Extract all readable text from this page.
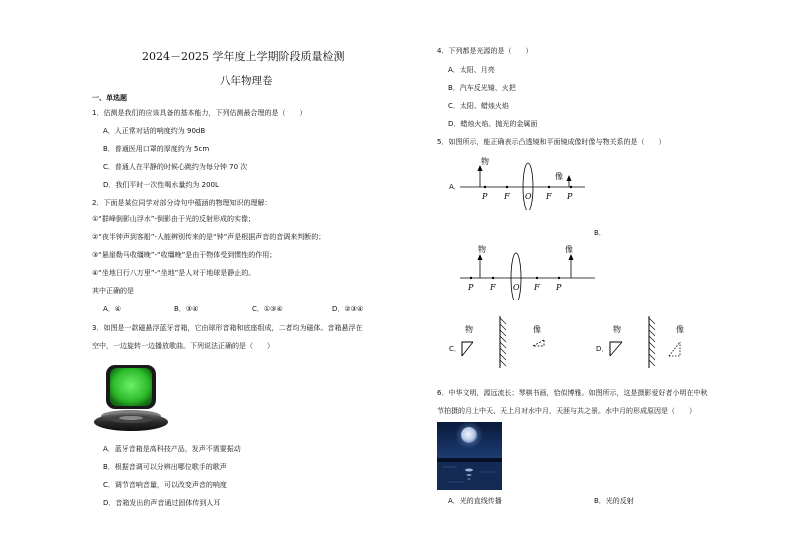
2024－2025 学年度上学期阶段质量检测
八年物理卷
一、单选题
1．估测是我们的应该具备的基本能力，下列估测最合理的是（　　）
A．人正常对话的响度约为 90dB
B．普通医用口罩的厚度约为 5cm
C．普通人在平静的时候心跳约为每分钟 70 次
D．我们平时一次性喝水量约为 200L
2．下面是某位同学对部分诗句中蕴涵的物理知识的理解：
①“群峰倒影山浮水”-倒影由于光的反射形成的实像；
②“夜半钟声到客船”-人能辨别传来的是“钟”声是根据声音的音调来判断的；
③“悬崖勒马收缰晚”-“收缰晚”是由于物体受到惯性的作用；
④“坐地日行八万里”-“坐地”是人对于地球是静止的。
其中正确的是
A．④	B．③④	C．①③④	D．②③④
3．如图是一款磁悬浮蓝牙音箱，它由球形音箱和底座组成，二者均为磁体。音箱悬浮在
空中，一边旋转一边播放歌曲。下列说法正确的是（　　）
A．蓝牙音箱是高科技产品，发声不需要振动
B．根据音调可以分辨出哪位歌手的歌声
C．调节音响音量，可以改变声音的响度
D．音箱发出的声音通过固体传到人耳
4．下列都是光源的是（　　）
A．太阳、月亮
B．汽车反光镜、火把
C．太阳、蜡烛火焰
D．蜡烛火焰、抛光的金属面
5．如图所示，能正确表示凸透镜和平面镜成像时像与物关系的是（　　）
A．
物
像
P F O F P
B．
物	像
P F O F P
C．
物	像
D．
物	像
6．中华文明，源远流长；琴棋书画，恰似博雅。如图所示，这是摄影爱好者小明在中秋
节拍摄的月上中天、天上月对水中月，天涯与共之景。水中月的形成原因是（　　）
A．光的直线传播	B．光的反射
